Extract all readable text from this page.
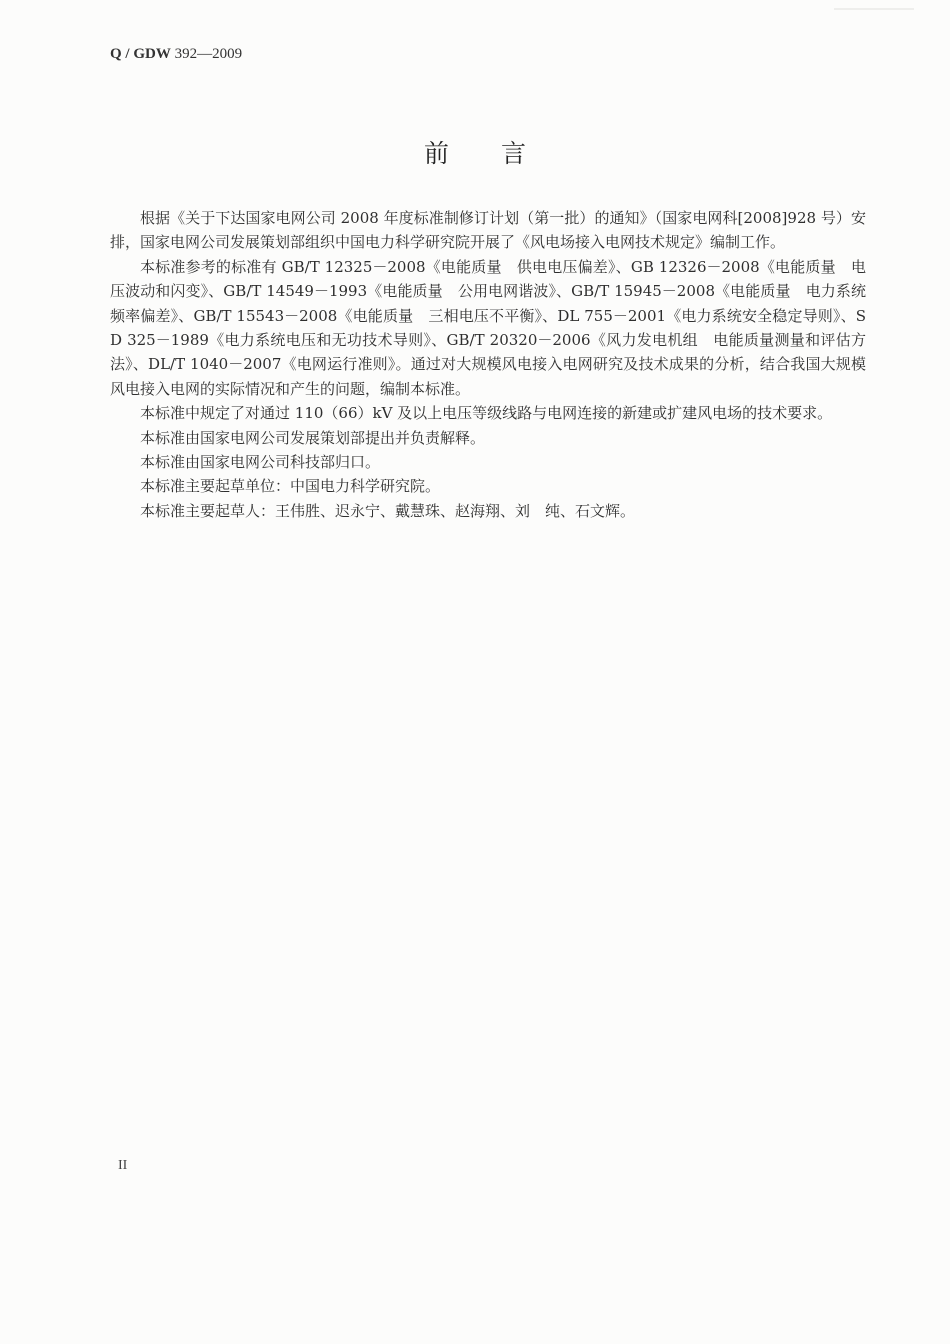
Q / GDW 392—2009
前言

根据《关于下达国家电网公司 2008 年度标准制修订计划（第一批）的通知》（国家电网科[2008]928 号）安排，国家电网公司发展策划部组织中国电力科学研究院开展了《风电场接入电网技术规定》编制工作。

本标准参考的标准有 GB/T 12325－2008《电能质量　供电电压偏差》、GB 12326－2008《电能质量　电压波动和闪变》、GB/T 14549－1993《电能质量　公用电网谐波》、GB/T 15945－2008《电能质量　电力系统频率偏差》、GB/T 15543－2008《电能质量　三相电压不平衡》、DL 755－2001《电力系统安全稳定导则》、SD 325－1989《电力系统电压和无功技术导则》、GB/T 20320－2006《风力发电机组　电能质量测量和评估方法》、DL/T 1040－2007《电网运行准则》。通过对大规模风电接入电网研究及技术成果的分析，结合我国大规模风电接入电网的实际情况和产生的问题，编制本标准。

本标准中规定了对通过 110（66）kV 及以上电压等级线路与电网连接的新建或扩建风电场的技术要求。

本标准由国家电网公司发展策划部提出并负责解释。

本标准由国家电网公司科技部归口。

本标准主要起草单位：中国电力科学研究院。

本标准主要起草人：王伟胜、迟永宁、戴慧珠、赵海翔、刘　纯、石文辉。

II
